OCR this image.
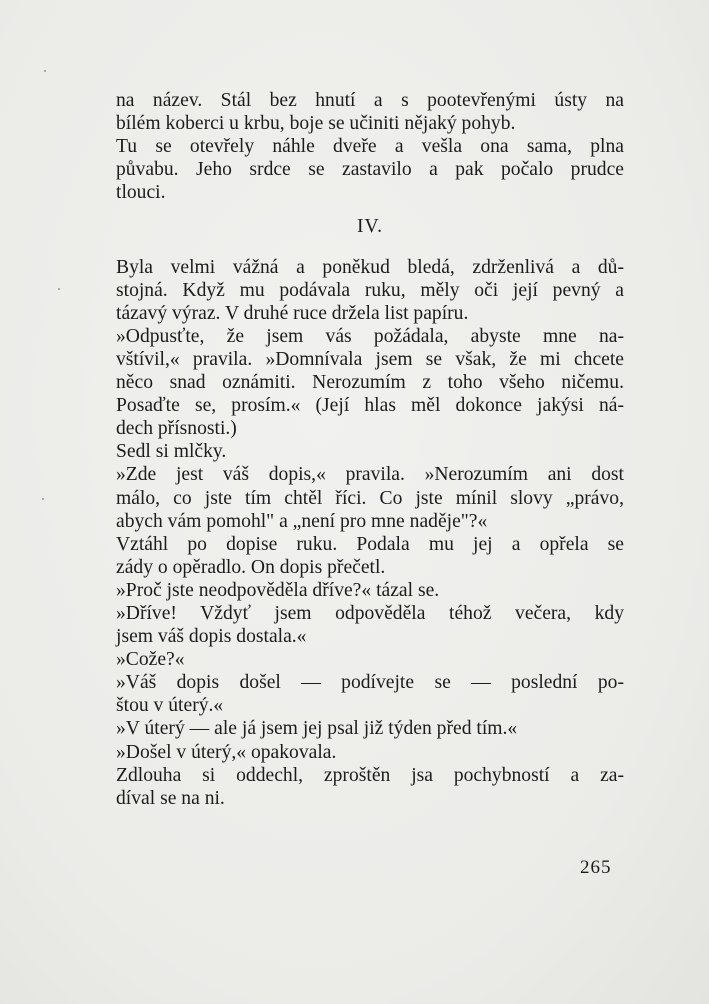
na název. Stál bez hnutí a s pootevřenými ústy na
bílém koberci u krbu, boje se učiniti nějaký pohyb.
Tu se otevřely náhle dveře a vešla ona sama, plna
půvabu. Jeho srdce se zastavilo a pak počalo prudce
tlouci.
IV.
Byla velmi vážná a poněkud bledá, zdrženlivá a dů-
stojná. Když mu podávala ruku, měly oči její pevný a
tázavý výraz. V druhé ruce držela list papíru.
»Odpusťte, že jsem vás požádala, abyste mne na-
vštívil,« pravila. »Domnívala jsem se však, že mi chcete
něco snad oznámiti. Nerozumím z toho všeho ničemu.
Posaďte se, prosím.« (Její hlas měl dokonce jakýsi ná-
dech přísnosti.)
Sedl si mlčky.
»Zde jest váš dopis,« pravila. »Nerozumím ani dost
málo, co jste tím chtěl říci. Co jste mínil slovy „právo,
abych vám pomohl" a „není pro mne naděje"?«
Vztáhl po dopise ruku. Podala mu jej a opřela se
zády o opěradlo. On dopis přečetl.
»Proč jste neodpověděla dříve?« tázal se.
»Dříve! Vždyť jsem odpověděla téhož večera, kdy
jsem váš dopis dostala.«
»Cože?«
»Váš dopis došel — podívejte se — poslední po-
štou v úterý.«
»V úterý — ale já jsem jej psal již týden před tím.«
»Došel v úterý,« opakovala.
Zdlouha si oddechl, zproštěn jsa pochybností a za-
díval se na ni.
265
